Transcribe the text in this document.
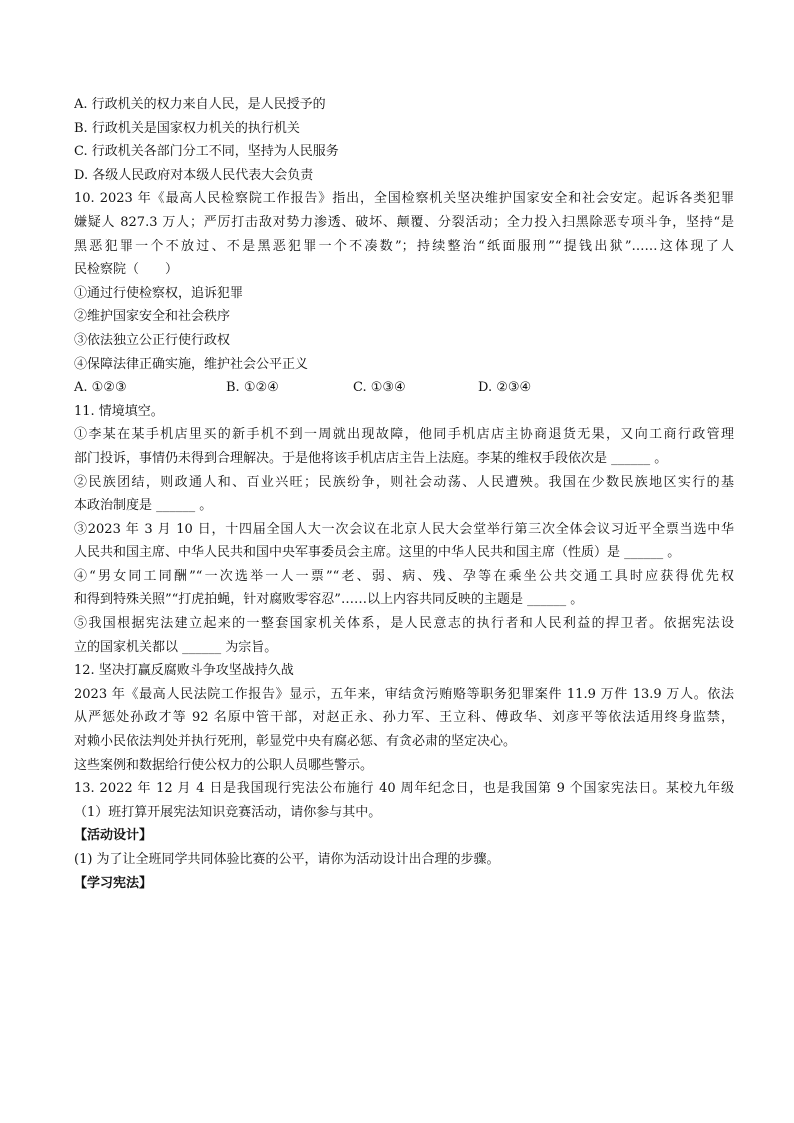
A. 行政机关的权力来自人民，是人民授予的
B. 行政机关是国家权力机关的执行机关
C. 行政机关各部门分工不同，坚持为人民服务
D. 各级人民政府对本级人民代表大会负责
10. 2023 年《最高人民检察院工作报告》指出，全国检察机关坚决维护国家安全和社会安定。起诉各类犯罪
嫌疑人 827.3 万人；严厉打击敌对势力渗透、破坏、颠覆、分裂活动；全力投入扫黑除恶专项斗争，坚持“是
黑恶犯罪一个不放过、不是黑恶犯罪一个不凑数”；持续整治“纸面服刑”“提钱出狱”……这体现了人
民检察院（　　）
①通过行使检察权，追诉犯罪
②维护国家安全和社会秩序
③依法独立公正行使行政权
④保障法律正确实施，维护社会公平正义
A. ①②③	B. ①②④	C. ①③④	D. ②③④
11. 情境填空。
①李某在某手机店里买的新手机不到一周就出现故障，他同手机店店主协商退货无果，又向工商行政管理
部门投诉，事情仍未得到合理解决。于是他将该手机店店主告上法庭。李某的维权手段依次是 ______ 。
②民族团结，则政通人和、百业兴旺；民族纷争，则社会动荡、人民遭殃。我国在少数民族地区实行的基
本政治制度是 ______ 。
③2023 年 3 月 10 日，十四届全国人大一次会议在北京人民大会堂举行第三次全体会议习近平全票当选中华
人民共和国主席、中华人民共和国中央军事委员会主席。这里的中华人民共和国主席（性质）是 ______ 。
④“男女同工同酬”“一次选举一人一票”“老、弱、病、残、孕等在乘坐公共交通工具时应获得优先权
和得到特殊关照”“打虎拍蝇，针对腐败零容忍”……以上内容共同反映的主题是 ______ 。
⑤我国根据宪法建立起来的一整套国家机关体系，是人民意志的执行者和人民利益的捍卫者。依据宪法设
立的国家机关都以 ______ 为宗旨。
12. 坚决打赢反腐败斗争攻坚战持久战
2023 年《最高人民法院工作报告》显示，五年来，审结贪污贿赂等职务犯罪案件 11.9 万件 13.9 万人。依法
从严惩处孙政才等 92 名原中管干部，对赵正永、孙力军、王立科、傅政华、刘彦平等依法适用终身监禁，
对赖小民依法判处并执行死刑，彰显党中央有腐必惩、有贪必肃的坚定决心。
这些案例和数据给行使公权力的公职人员哪些警示。
13. 2022 年 12 月 4 日是我国现行宪法公布施行 40 周年纪念日，也是我国第 9 个国家宪法日。某校九年级
（1）班打算开展宪法知识竞赛活动，请你参与其中。
【活动设计】
(1) 为了让全班同学共同体验比赛的公平，请你为活动设计出合理的步骤。
【学习宪法】
